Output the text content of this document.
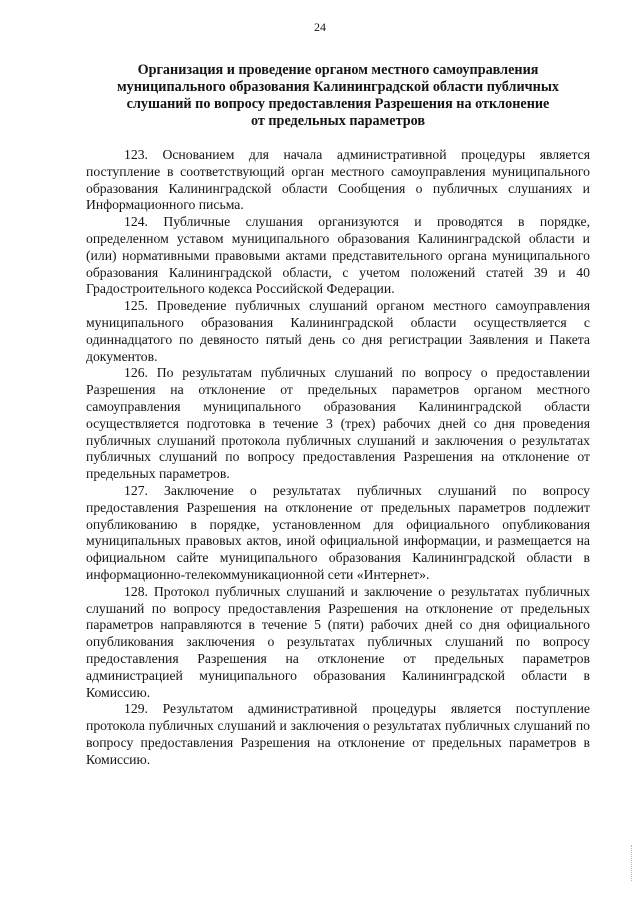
24
Организация и проведение органом местного самоуправления
муниципального образования Калининградской области публичных
слушаний по вопросу предоставления Разрешения на отклонение
от предельных параметров

123. Основанием для начала административной процедуры является поступление в соответствующий орган местного самоуправления муниципального образования Калининградской области Сообщения о публичных слушаниях и Информационного письма.

124. Публичные слушания организуются и проводятся в порядке, определенном уставом муниципального образования Калининградской области и (или) нормативными правовыми актами представительного органа муниципального образования Калининградской области, с учетом положений статей 39 и 40 Градостроительного кодекса Российской Федерации.

125. Проведение публичных слушаний органом местного самоуправления муниципального образования Калининградской области осуществляется с одиннадцатого по девяносто пятый день со дня регистрации Заявления и Пакета документов.

126. По результатам публичных слушаний по вопросу о предоставлении Разрешения на отклонение от предельных параметров органом местного самоуправления муниципального образования Калининградской области осуществляется подготовка в течение 3 (трех) рабочих дней со дня проведения публичных слушаний протокола публичных слушаний и заключения о результатах публичных слушаний по вопросу предоставления Разрешения на отклонение от предельных параметров.

127. Заключение о результатах публичных слушаний по вопросу предоставления Разрешения на отклонение от предельных параметров подлежит опубликованию в порядке, установленном для официального опубликования муниципальных правовых актов, иной официальной информации, и размещается на официальном сайте муниципального образования Калининградской области в информационно-телекоммуникационной сети «Интернет».

128. Протокол публичных слушаний и заключение о результатах публичных слушаний по вопросу предоставления Разрешения на отклонение от предельных параметров направляются в течение 5 (пяти) рабочих дней со дня официального опубликования заключения о результатах публичных слушаний по вопросу предоставления Разрешения на отклонение от предельных параметров администрацией муниципального образования Калининградской области в Комиссию.

129. Результатом административной процедуры является поступление протокола публичных слушаний и заключения о результатах публичных слушаний по вопросу предоставления Разрешения на отклонение от предельных параметров в Комиссию.
